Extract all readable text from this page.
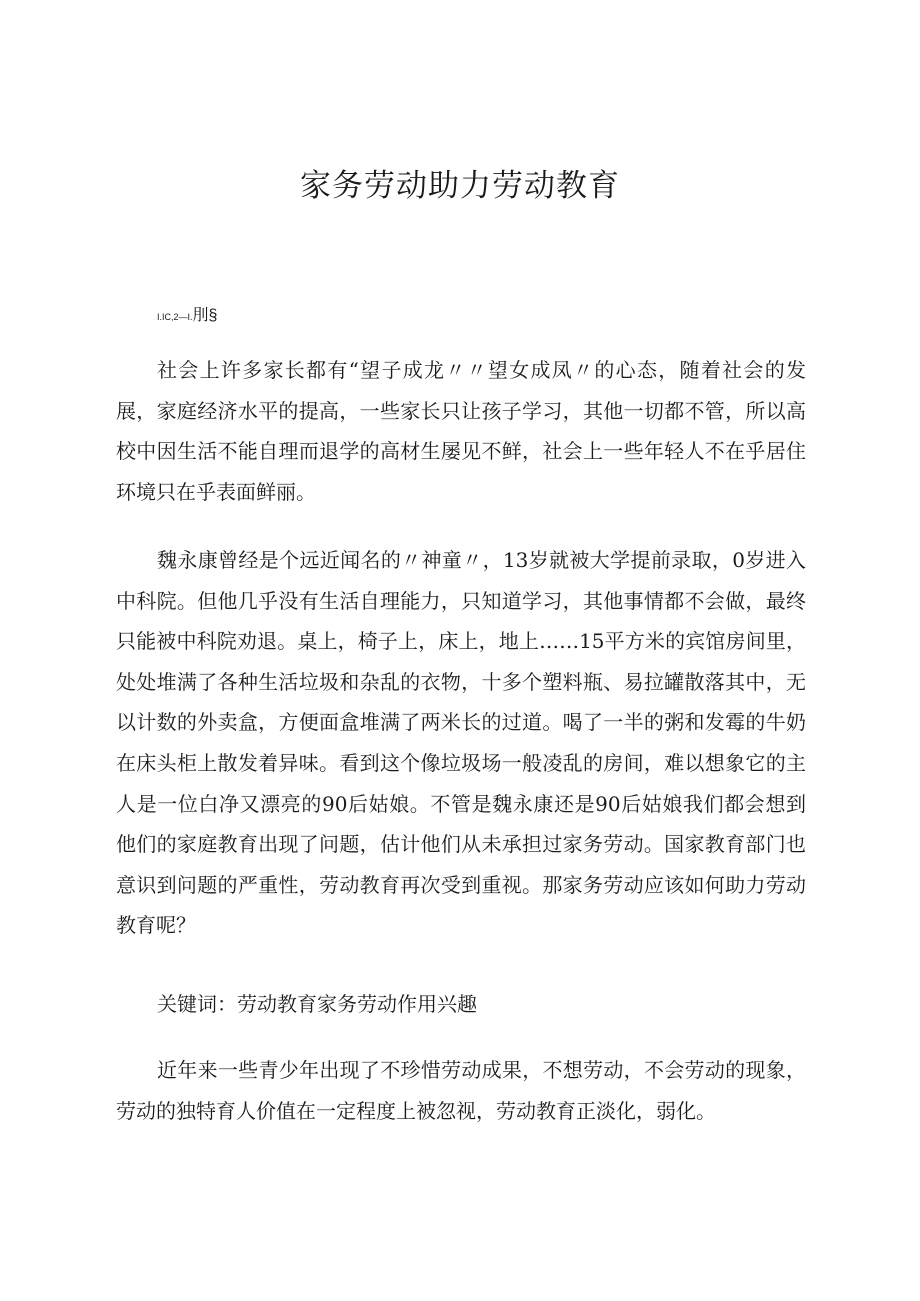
家务劳动助力劳动教育
I.IC,2—I.刖§

社会上许多家长都有“望子成龙〃〃望女成凤〃的心态，随着社会的发展，家庭经济水平的提高，一些家长只让孩子学习，其他一切都不管，所以高校中因生活不能自理而退学的高材生屡见不鲜，社会上一些年轻人不在乎居住环境只在乎表面鲜丽。

魏永康曾经是个远近闻名的〃神童〃，13岁就被大学提前录取，0岁进入中科院。但他几乎没有生活自理能力，只知道学习，其他事情都不会做，最终只能被中科院劝退。桌上，椅子上，床上，地上……15平方米的宾馆房间里，处处堆满了各种生活垃圾和杂乱的衣物，十多个塑料瓶、易拉罐散落其中，无以计数的外卖盒，方便面盒堆满了两米长的过道。喝了一半的粥和发霉的牛奶在床头柜上散发着异味。看到这个像垃圾场一般凌乱的房间，难以想象它的主人是一位白净又漂亮的90后姑娘。不管是魏永康还是90后姑娘我们都会想到他们的家庭教育出现了问题，估计他们从未承担过家务劳动。国家教育部门也意识到问题的严重性，劳动教育再次受到重视。那家务劳动应该如何助力劳动教育呢？

关键词：劳动教育家务劳动作用兴趣

近年来一些青少年出现了不珍惜劳动成果，不想劳动，不会劳动的现象，劳动的独特育人价值在一定程度上被忽视，劳动教育正淡化，弱化。
